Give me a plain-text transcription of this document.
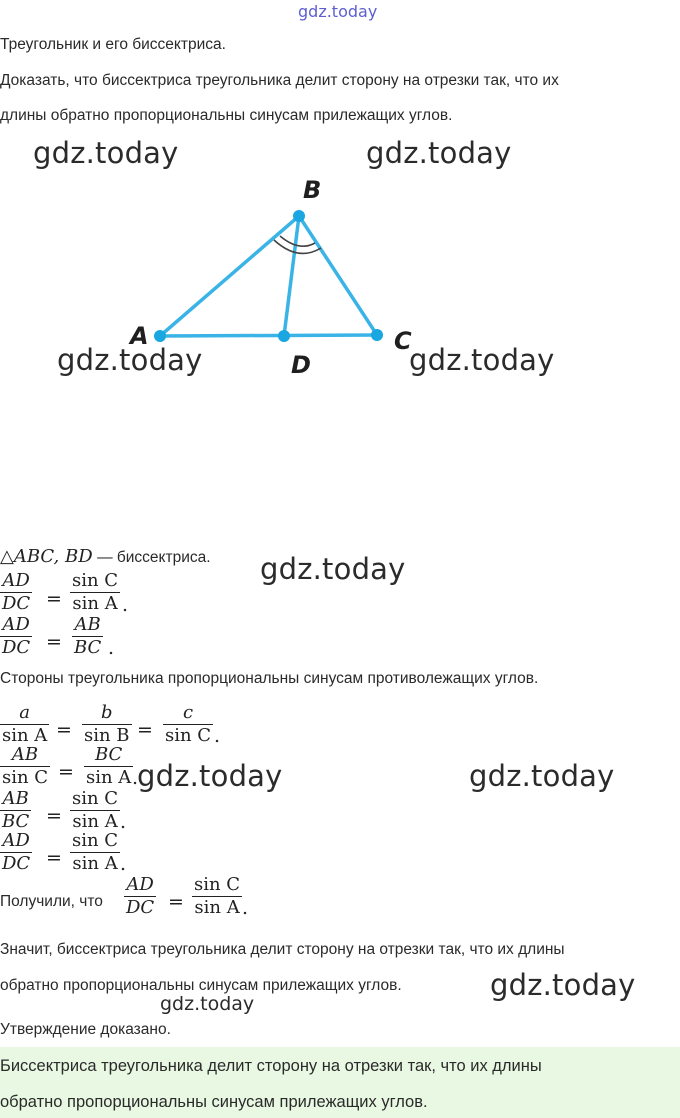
gdz.today
Треугольник и его биссектриса.
Доказать, что биссектриса треугольника делит сторону на отрезки так, что их
длины обратно пропорциональны синусам прилежащих углов.
gdz.today	gdz.today
A
B
C
D
gdz.today	gdz.today
△ABC, BD — биссектриса. gdz.today
AD
DC =
sin C
sin A .
AD
DC =
AB
BC .
Стороны треугольника пропорциональны синусам противолежащих углов.
a
sin A =
b
sin B =
c
sin C .
AB
sin C =
BC
sin A .
gdz.today	gdz.today
AB
BC =
sin C
sin A .
AD
DC =
sin C
sin A .
Получили, что
AD
DC =
sin C
sin A .
Значит, биссектриса треугольника делит сторону на отрезки так, что их длины
обратно пропорциональны синусам прилежащих углов.	gdz.today
gdz.today
Утверждение доказано.
Биссектриса треугольника делит сторону на отрезки так, что их длины
обратно пропорциональны синусам прилежащих углов.
